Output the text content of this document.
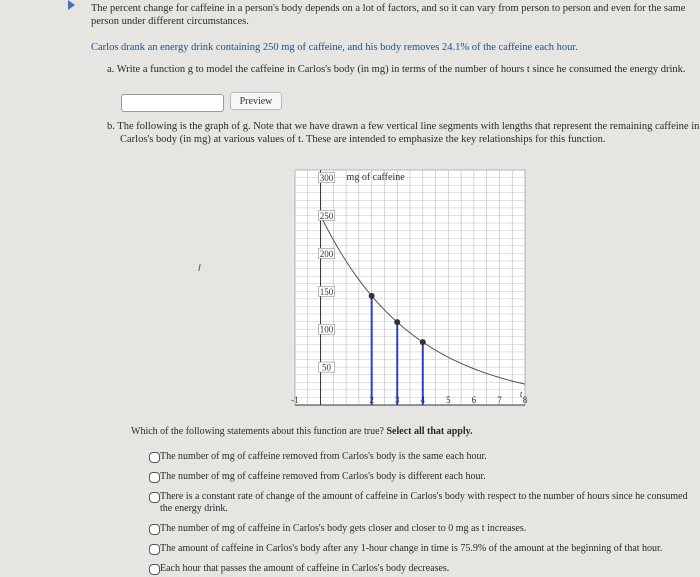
The percent change for caffeine in a person's body depends on a lot of factors, and so it can vary from person to person and even for the same
person under different circumstances.
Carlos drank an energy drink containing 250 mg of caffeine, and his body removes 24.1% of the caffeine each hour.
a. Write a function g to model the caffeine in Carlos's body (in mg) in terms of the number of hours t since he consumed the energy drink.
Preview
b. The following is the graph of g. Note that we have drawn a few vertical line segments with lengths that represent the remaining caffeine in
Carlos's body (in mg) at various values of t. These are intended to emphasize the key relationships for this function.
50
100
150
200
250
300
-1	2 3 4 5 6 7 8
mg of caffeine
t
Which of the following statements about this function are true? Select all that apply.
The number of mg of caffeine removed from Carlos's body is the same each hour.
The number of mg of caffeine removed from Carlos's body is different each hour.
There is a constant rate of change of the amount of caffeine in Carlos's body with respect to the number of hours since he consumed
the energy drink.
The number of mg of caffeine in Carlos's body gets closer and closer to 0 mg as t increases.
The amount of caffeine in Carlos's body after any 1-hour change in time is 75.9% of the amount at the beginning of that hour.
Each hour that passes the amount of caffeine in Carlos's body decreases.
